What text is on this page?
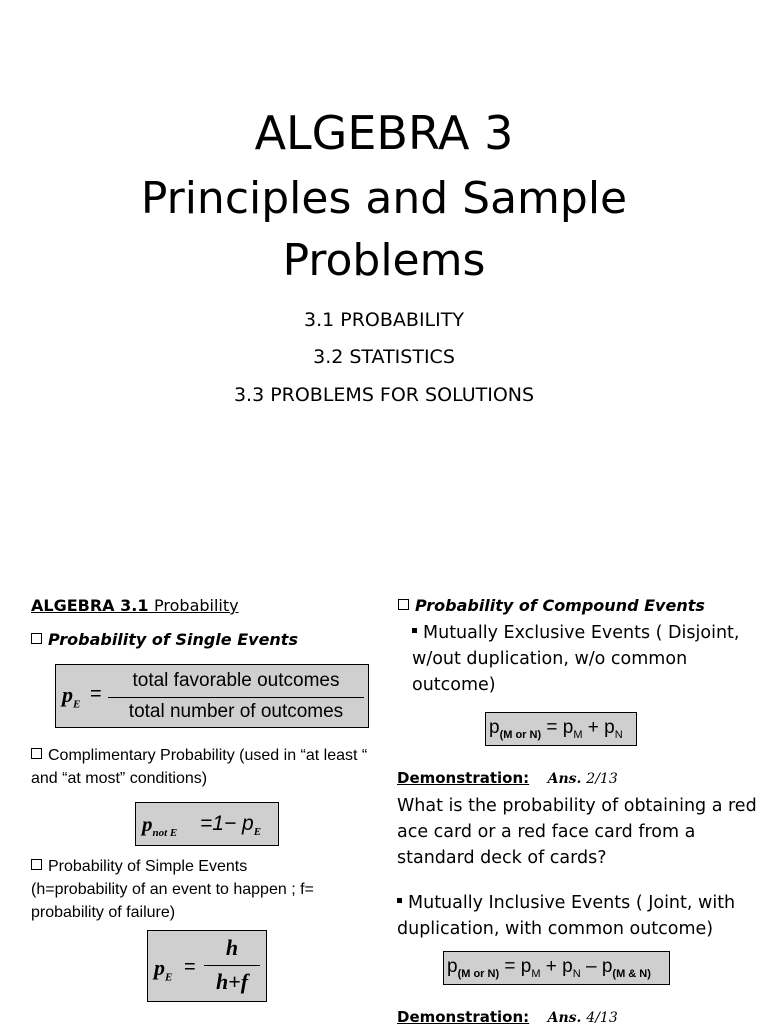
ALGEBRA 3
Principles and Sample Problems
3.1 PROBABILITY
3.2 STATISTICS
3.3 PROBLEMS FOR SOLUTIONS
ALGEBRA 3.1 Probability
Probability of Single Events
$p_E$ =
total favorable outcomes
total number of outcomes
Complimentary Probability (used in “at least “ and “at most” conditions)
$p_{not E} =1- p_E$
Probability of Simple Events
(h=probability of an event to happen ; f= probability of failure)
$p_E$ =
h
h+f
Probability of Compound Events
Mutually Exclusive Events ( Disjoint, w/out duplication, w/o common outcome)
$p_{(M or N)} = p_M + p_N$
Demonstration: Ans. 2/13
What is the probability of obtaining a red ace card or a red face card from a standard deck of cards?
Mutually Inclusive Events ( Joint, with duplication, with common outcome)
$p_{(M or N)} = p_M + p_N - p_{(M \& N)}$
Demonstration: Ans. 4/13
